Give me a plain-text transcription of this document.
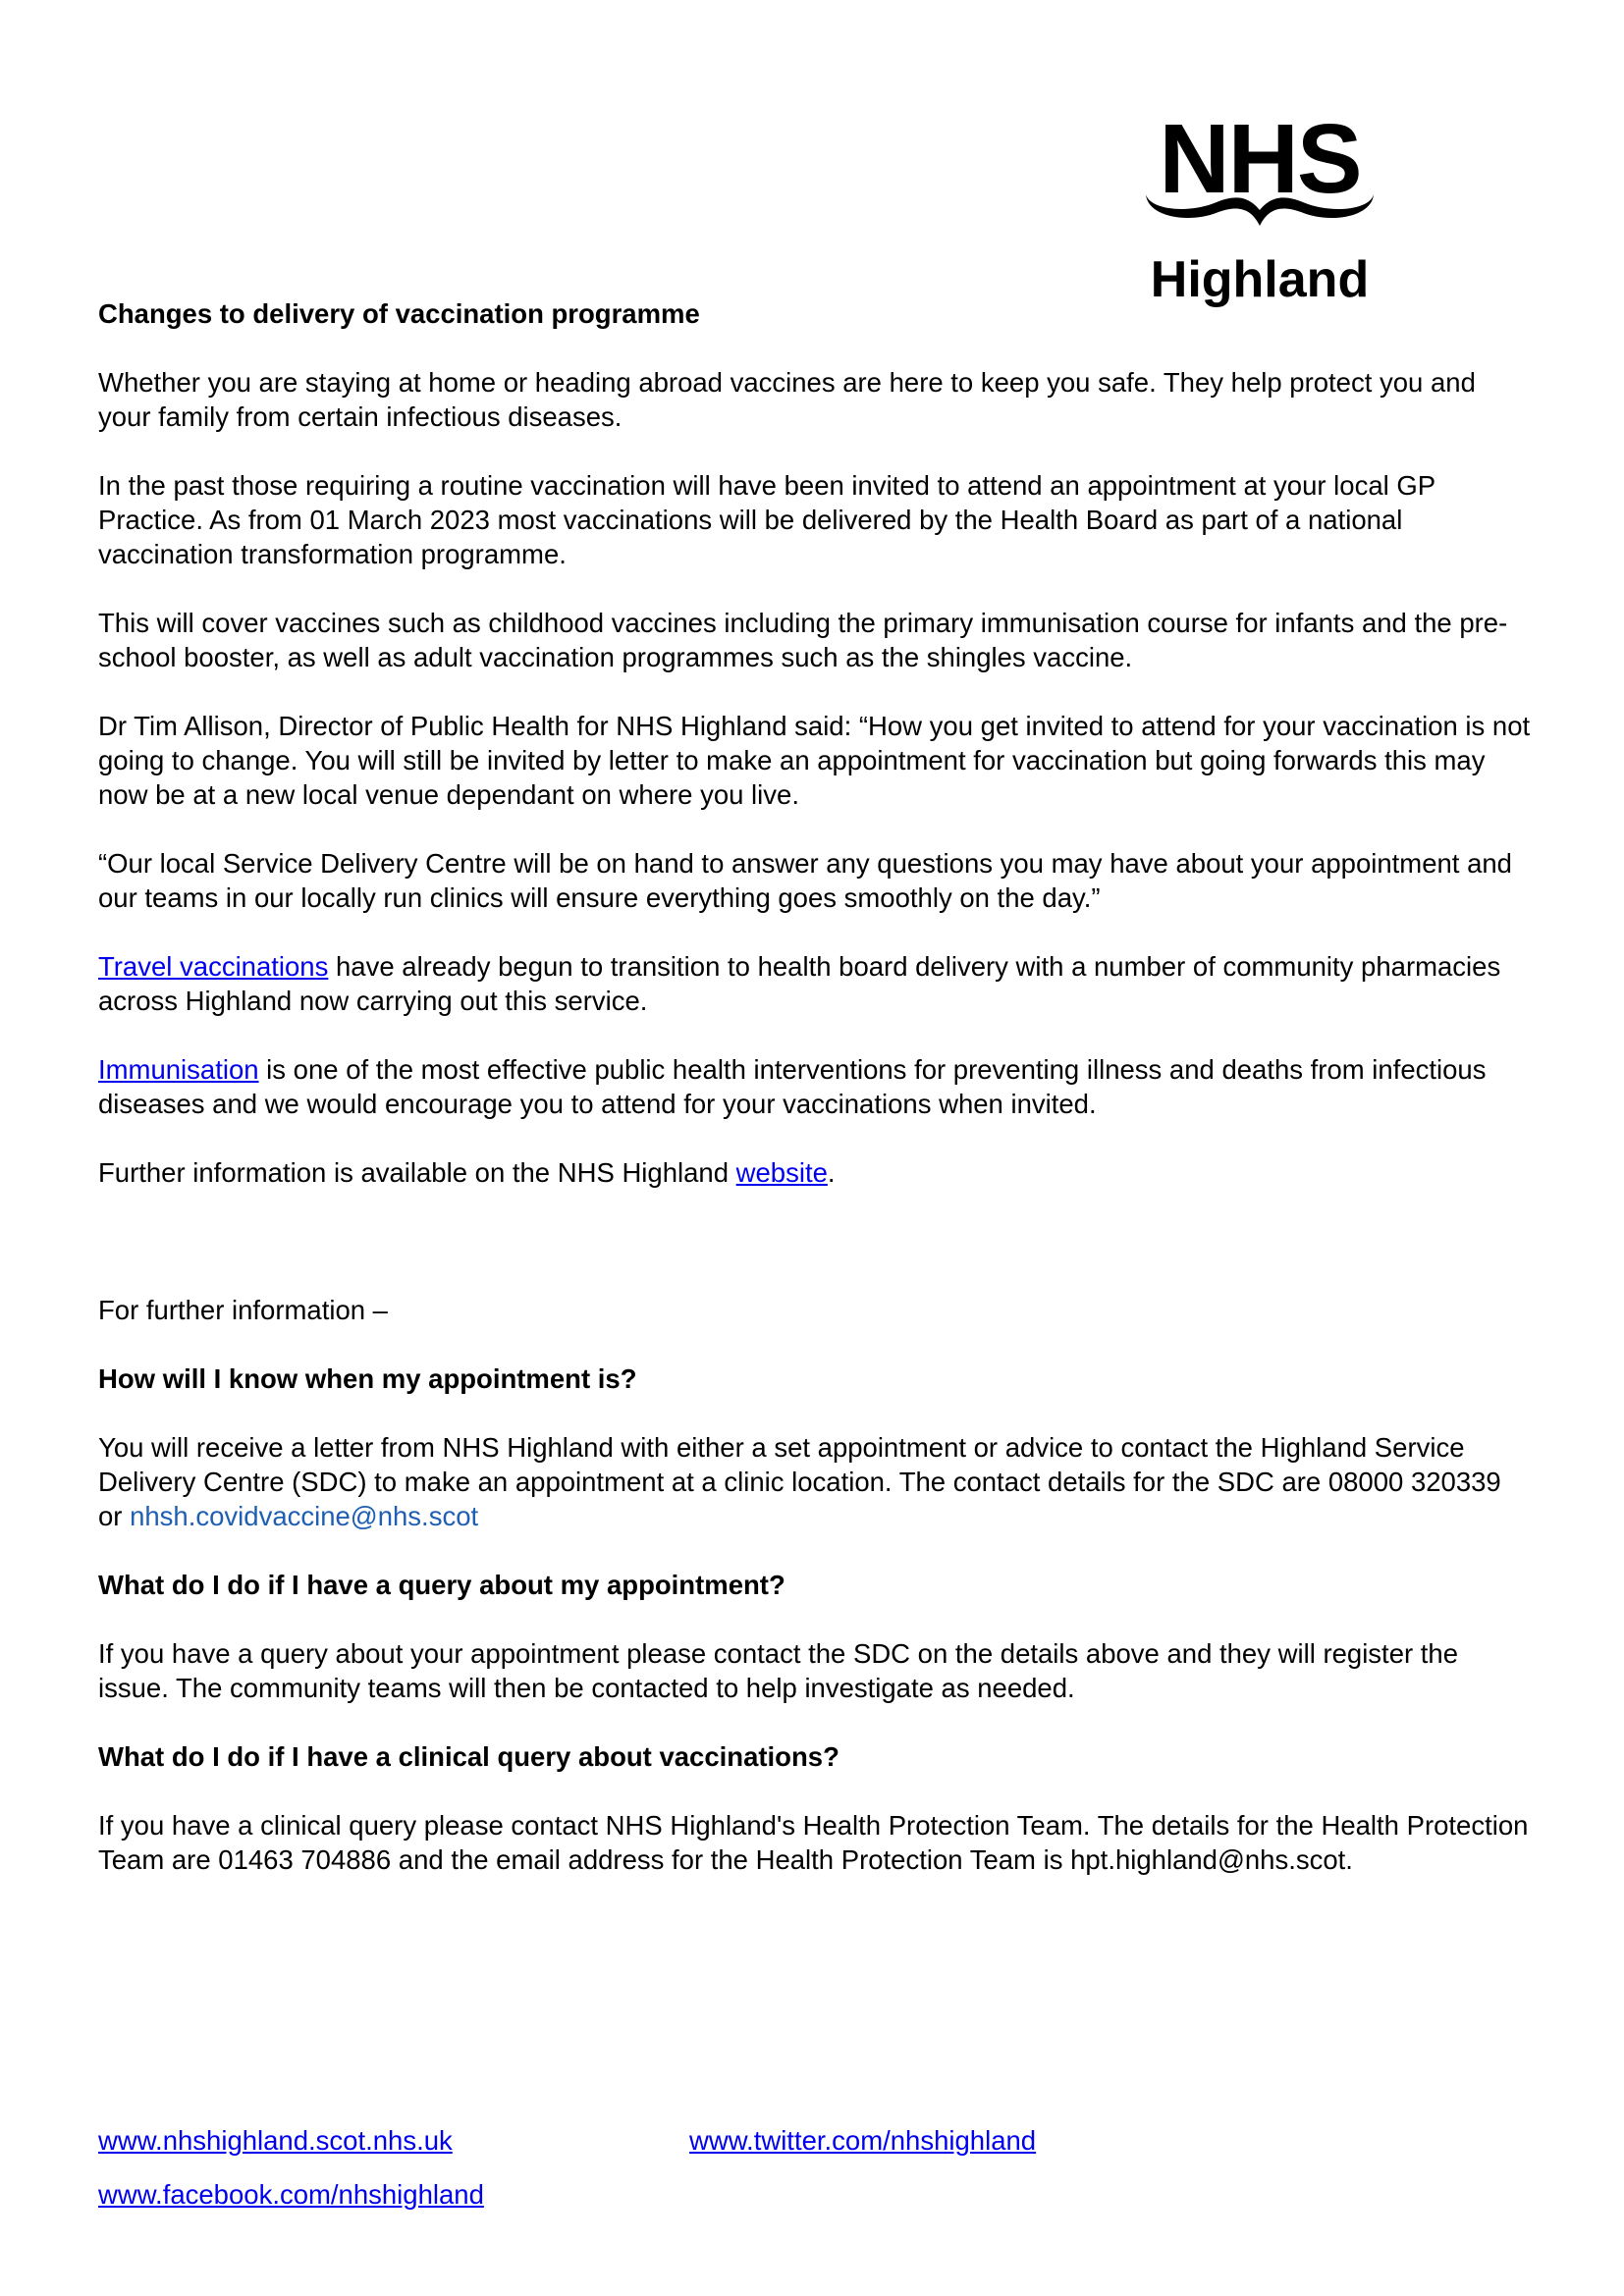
NHS
Highland

Changes to delivery of vaccination programme

Whether you are staying at home or heading abroad vaccines are here to keep you safe. They help protect you and your family from certain infectious diseases.

In the past those requiring a routine vaccination will have been invited to attend an appointment at your local GP Practice. As from 01 March 2023 most vaccinations will be delivered by the Health Board as part of a national vaccination transformation programme.

This will cover vaccines such as childhood vaccines including the primary immunisation course for infants and the pre-school booster, as well as adult vaccination programmes such as the shingles vaccine.

Dr Tim Allison, Director of Public Health for NHS Highland said: “How you get invited to attend for your vaccination is not going to change. You will still be invited by letter to make an appointment for vaccination but going forwards this may now be at a new local venue dependant on where you live.

“Our local Service Delivery Centre will be on hand to answer any questions you may have about your appointment and our teams in our locally run clinics will ensure everything goes smoothly on the day.”

Travel vaccinations have already begun to transition to health board delivery with a number of community pharmacies across Highland now carrying out this service.

Immunisation is one of the most effective public health interventions for preventing illness and deaths from infectious diseases and we would encourage you to attend for your vaccinations when invited.

Further information is available on the NHS Highland website.

For further information –

How will I know when my appointment is?

You will receive a letter from NHS Highland with either a set appointment or advice to contact the Highland Service Delivery Centre (SDC) to make an appointment at a clinic location. The contact details for the SDC are 08000 320339 or nhsh.covidvaccine@nhs.scot

What do I do if I have a query about my appointment?

If you have a query about your appointment please contact the SDC on the details above and they will register the issue. The community teams will then be contacted to help investigate as needed.

What do I do if I have a clinical query about vaccinations?

If you have a clinical query please contact NHS Highland's Health Protection Team. The details for the Health Protection Team are 01463 704886 and the email address for the Health Protection Team is hpt.highland@nhs.scot.

www.nhshighland.scot.nhs.uk	www.twitter.com/nhshighland
www.facebook.com/nhshighland
